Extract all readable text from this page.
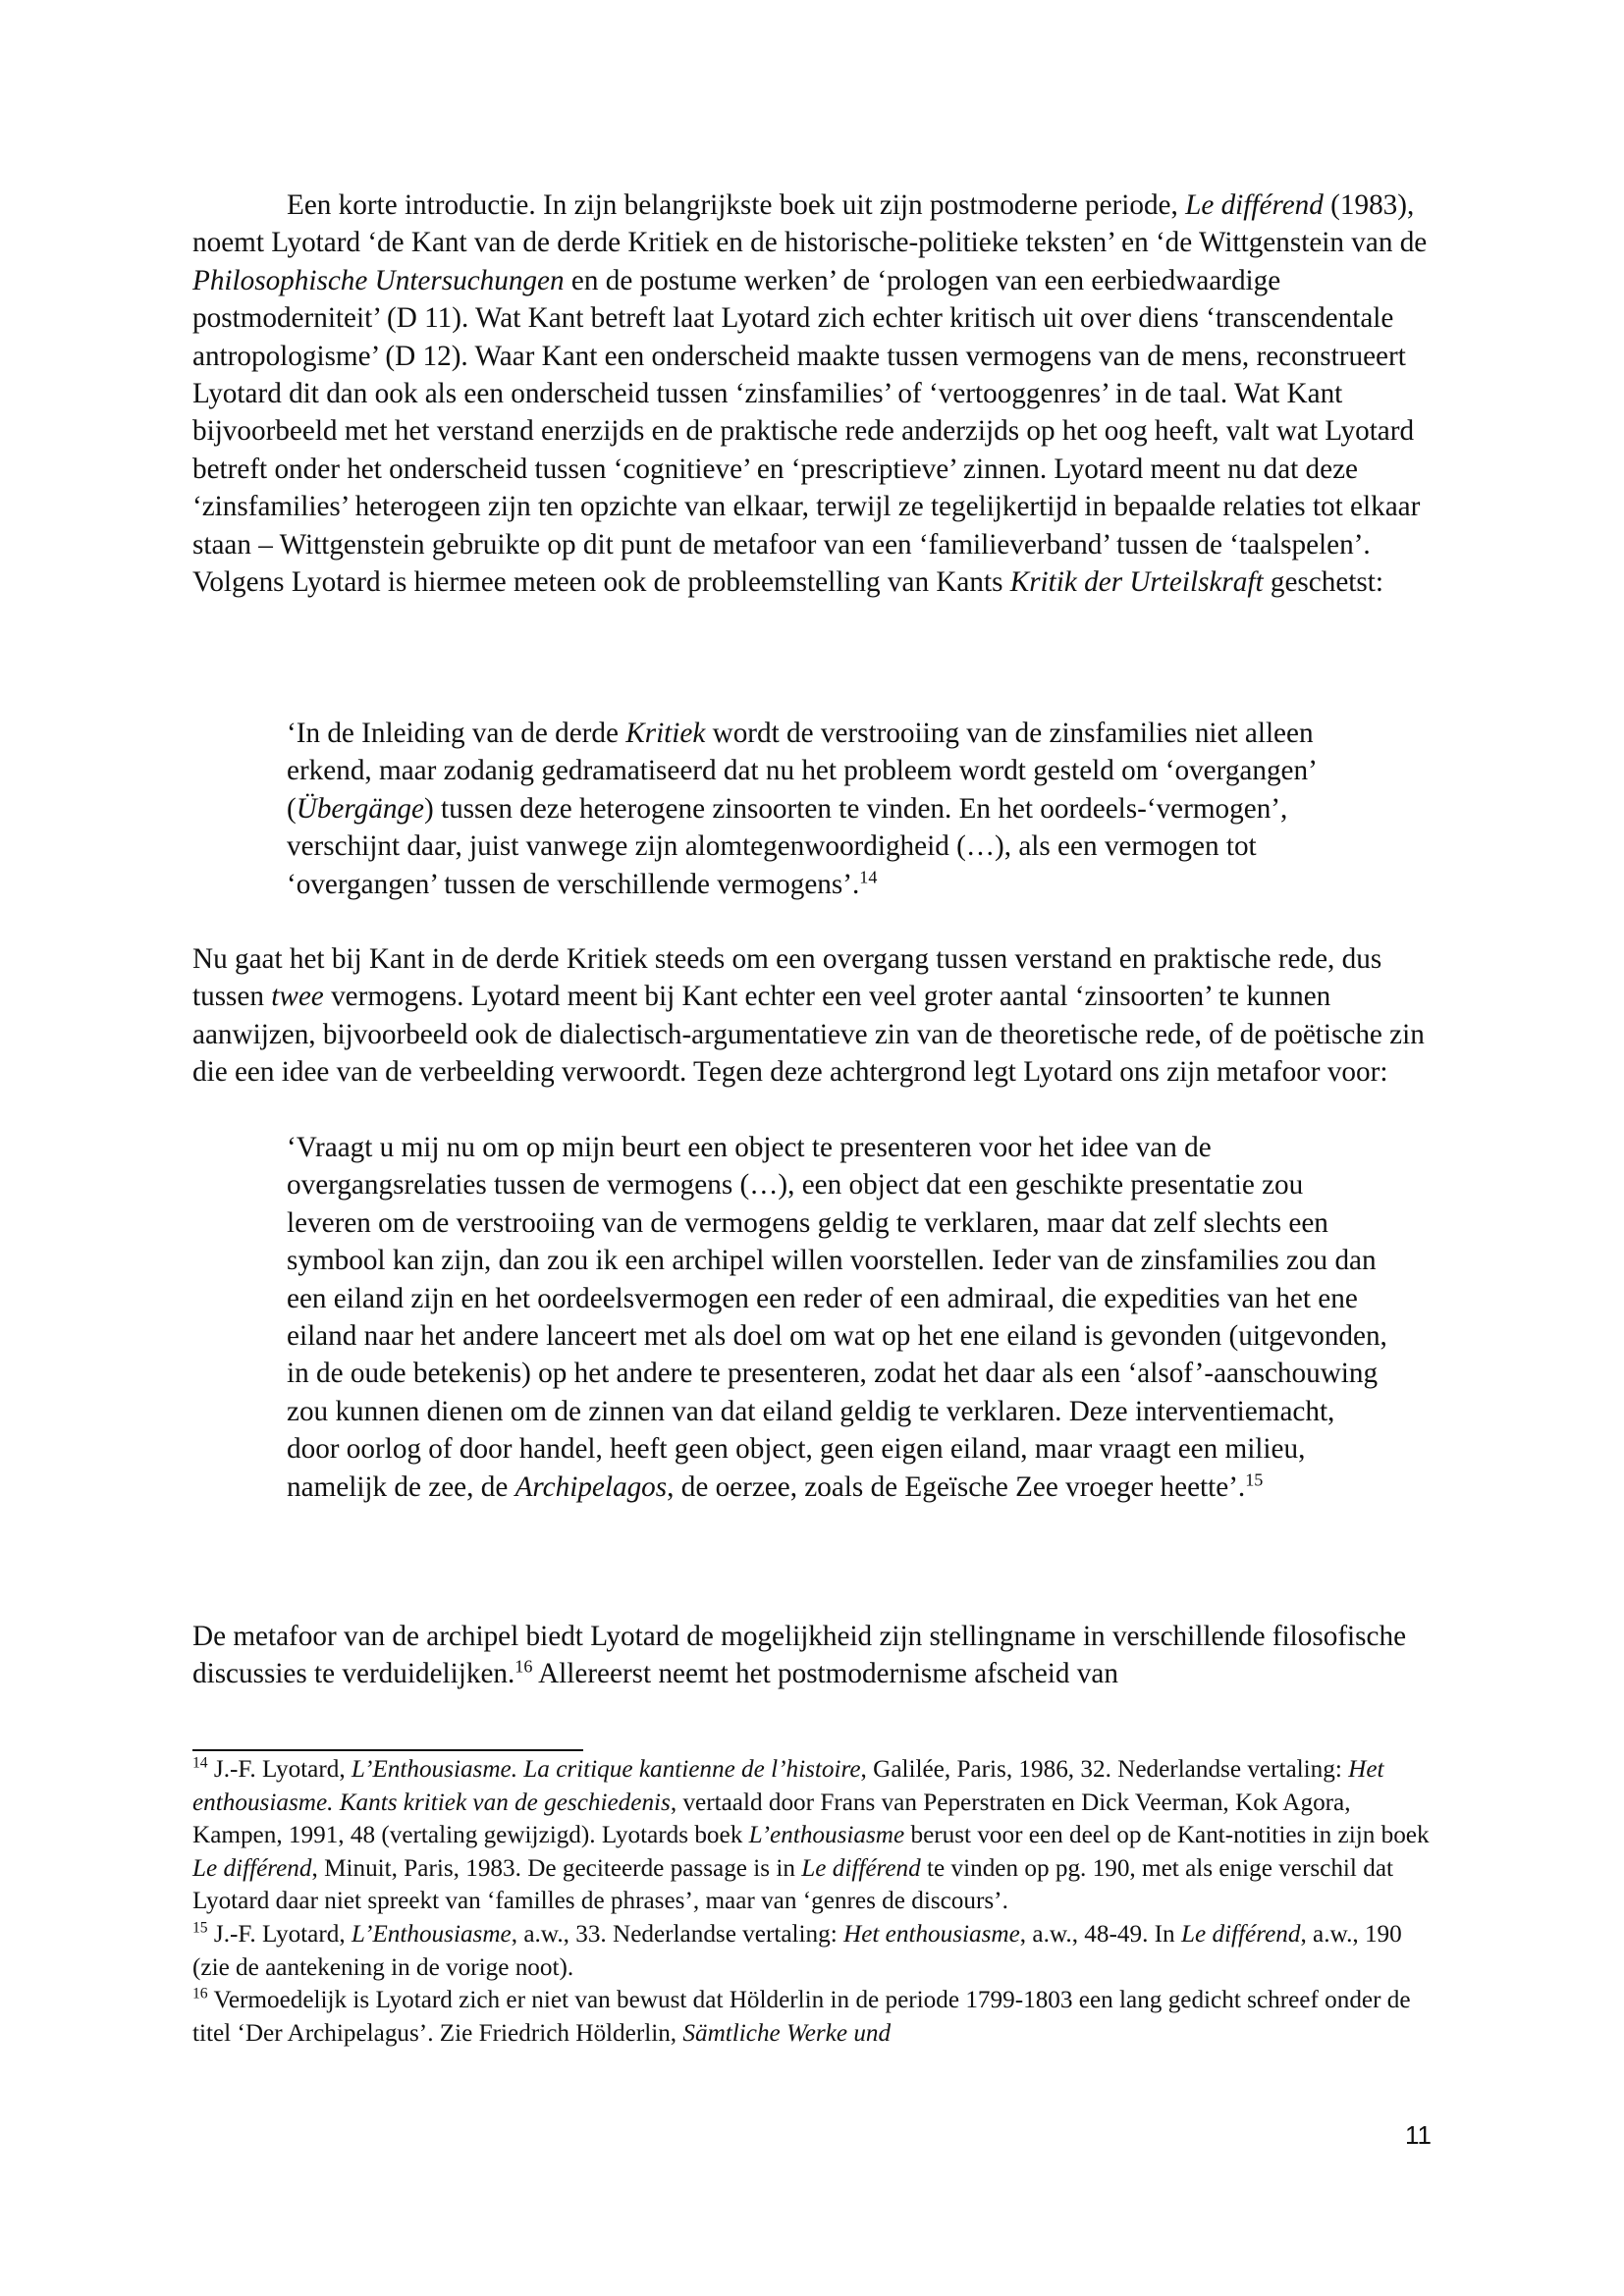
Een korte introductie. In zijn belangrijkste boek uit zijn postmoderne periode, Le différend (1983), noemt Lyotard ‘de Kant van de derde Kritiek en de historische-politieke teksten’ en ‘de Wittgenstein van de Philosophische Untersuchungen en de postume werken’ de ‘prologen van een eerbiedwaardige postmoderniteit’ (D 11). Wat Kant betreft laat Lyotard zich echter kritisch uit over diens ‘transcendentale antropologisme’ (D 12). Waar Kant een onderscheid maakte tussen vermogens van de mens, reconstrueert Lyotard dit dan ook als een onderscheid tussen ‘zinsfamilies’ of ‘vertooggenres’ in de taal. Wat Kant bijvoorbeeld met het verstand enerzijds en de praktische rede anderzijds op het oog heeft, valt wat Lyotard betreft onder het onderscheid tussen ‘cognitieve’ en ‘prescriptieve’ zinnen. Lyotard meent nu dat deze ‘zinsfamilies’ heterogeen zijn ten opzichte van elkaar, terwijl ze tegelijkertijd in bepaalde relaties tot elkaar staan – Wittgenstein gebruikte op dit punt de metafoor van een ‘familieverband’ tussen de ‘taalspelen’. Volgens Lyotard is hiermee meteen ook de probleemstelling van Kants Kritik der Urteilskraft geschetst:

‘In de Inleiding van de derde Kritiek wordt de verstrooiing van de zinsfamilies niet alleen erkend, maar zodanig gedramatiseerd dat nu het probleem wordt gesteld om ‘overgangen’ (Übergänge) tussen deze heterogene zinsoorten te vinden. En het oordeels-‘vermogen’, verschijnt daar, juist vanwege zijn alomtegenwoordigheid (…), als een vermogen tot ‘overgangen’ tussen de verschillende vermogens’.$^{14}$

Nu gaat het bij Kant in de derde Kritiek steeds om een overgang tussen verstand en praktische rede, dus tussen twee vermogens. Lyotard meent bij Kant echter een veel groter aantal ‘zinsoorten’ te kunnen aanwijzen, bijvoorbeeld ook de dialectisch-argumentatieve zin van de theoretische rede, of de poëtische zin die een idee van de verbeelding verwoordt. Tegen deze achtergrond legt Lyotard ons zijn metafoor voor:

‘Vraagt u mij nu om op mijn beurt een object te presenteren voor het idee van de overgangsrelaties tussen de vermogens (…), een object dat een geschikte presentatie zou leveren om de verstrooiing van de vermogens geldig te verklaren, maar dat zelf slechts een symbool kan zijn, dan zou ik een archipel willen voorstellen. Ieder van de zinsfamilies zou dan een eiland zijn en het oordeelsvermogen een reder of een admiraal, die expedities van het ene eiland naar het andere lanceert met als doel om wat op het ene eiland is gevonden (uitgevonden, in de oude betekenis) op het andere te presenteren, zodat het daar als een ‘alsof’-aanschouwing zou kunnen dienen om de zinnen van dat eiland geldig te verklaren. Deze interventiemacht, door oorlog of door handel, heeft geen object, geen eigen eiland, maar vraagt een milieu, namelijk de zee, de Archipelagos, de oerzee, zoals de Egeïsche Zee vroeger heette’.$^{15}$

De metafoor van de archipel biedt Lyotard de mogelijkheid zijn stellingname in verschillende filosofische discussies te verduidelijken.$^{16}$ Allereerst neemt het postmodernisme afscheid van

$^{14}$ J.-F. Lyotard, L’Enthousiasme. La critique kantienne de l’histoire, Galilée, Paris, 1986, 32. Nederlandse vertaling: Het enthousiasme. Kants kritiek van de geschiedenis, vertaald door Frans van Peperstraten en Dick Veerman, Kok Agora, Kampen, 1991, 48 (vertaling gewijzigd). Lyotards boek L’enthousiasme berust voor een deel op de Kant-notities in zijn boek Le différend, Minuit, Paris, 1983. De geciteerde passage is in Le différend te vinden op pg. 190, met als enige verschil dat Lyotard daar niet spreekt van ‘familles de phrases’, maar van ‘genres de discours’.

$^{15}$ J.-F. Lyotard, L’Enthousiasme, a.w., 33. Nederlandse vertaling: Het enthousiasme, a.w., 48-49. In Le différend, a.w., 190 (zie de aantekening in de vorige noot).

$^{16}$ Vermoedelijk is Lyotard zich er niet van bewust dat Hölderlin in de periode 1799-1803 een lang gedicht schreef onder de titel ‘Der Archipelagus’. Zie Friedrich Hölderlin, Sämtliche Werke und

11
